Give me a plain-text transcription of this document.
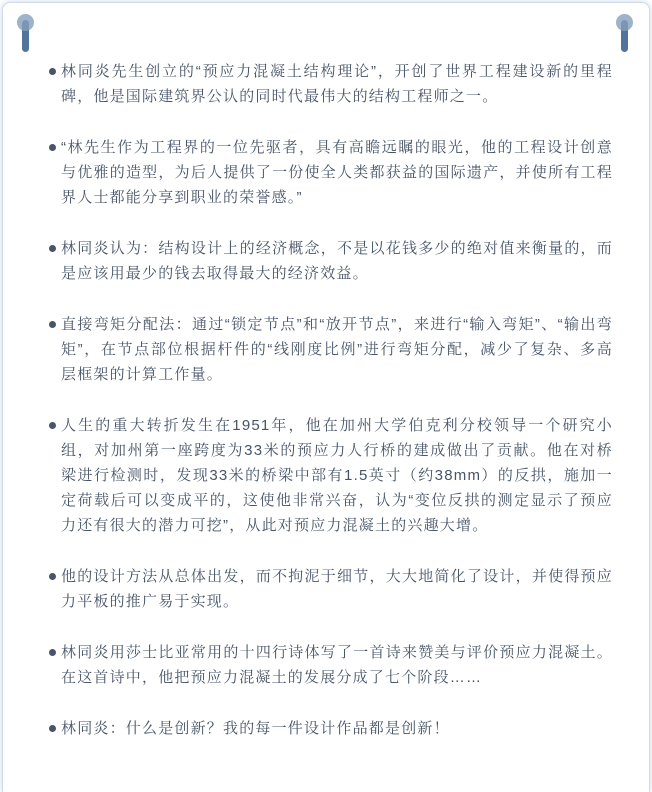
林同炎先生创立的“预应力混凝土结构理论”，开创了世界工程建设新的里程碑，他是国际建筑界公认的同时代最伟大的结构工程师之一。
“林先生作为工程界的一位先驱者，具有高瞻远瞩的眼光，他的工程设计创意与优雅的造型，为后人提供了一份使全人类都获益的国际遗产，并使所有工程界人士都能分享到职业的荣誉感。”
林同炎认为：结构设计上的经济概念，不是以花钱多少的绝对值来衡量的，而是应该用最少的钱去取得最大的经济效益。
直接弯矩分配法：通过“锁定节点”和“放开节点”，来进行“输入弯矩”、“输出弯矩”，在节点部位根据杆件的“线刚度比例”进行弯矩分配，减少了复杂、多高层框架的计算工作量。
人生的重大转折发生在1951年，他在加州大学伯克利分校领导一个研究小组，对加州第一座跨度为33米的预应力人行桥的建成做出了贡献。他在对桥梁进行检测时，发现33米的桥梁中部有1.5英寸（约38mm）的反拱，施加一定荷载后可以变成平的，这使他非常兴奋，认为“变位反拱的测定显示了预应力还有很大的潜力可挖”，从此对预应力混凝土的兴趣大增。
他的设计方法从总体出发，而不拘泥于细节，大大地简化了设计，并使得预应力平板的推广易于实现。
林同炎用莎士比亚常用的十四行诗体写了一首诗来赞美与评价预应力混凝土。在这首诗中，他把预应力混凝土的发展分成了七个阶段……
林同炎：什么是创新？我的每一件设计作品都是创新！
